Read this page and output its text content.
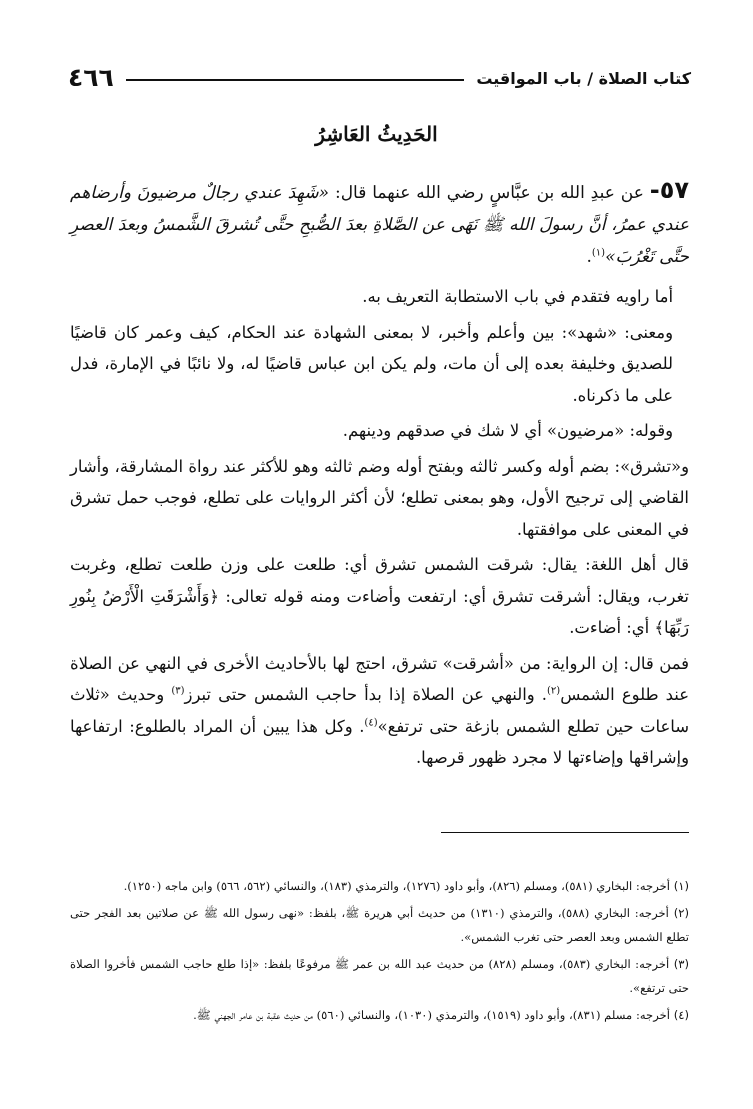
كتاب الصلاة / باب المواقيت
٤٦٦
الحَدِيثُ العَاشِرُ

٥٧- عن عبدِ الله بن عبَّاسٍ رضي الله عنهما قال: «شَهِدَ عندي رجالٌ مرضيونَ وأرضاهم عندي عمرُ، أنَّ رسولَ الله ﷺ نَهَى عن الصَّلاةِ بعدَ الصُّبحِ حتَّى تُشرقَ الشَّمسُ وبعدَ العصرِ حتَّى تَغْرُبَ»$^{(١)}$.

أما راويه فتقدم في باب الاستطابة التعريف به.

ومعنى: «شهد»: بين وأعلم وأخبر، لا بمعنى الشهادة عند الحكام، كيف وعمر كان قاضيًا للصديق وخليفة بعده إلى أن مات، ولم يكن ابن عباس قاضيًا له، ولا نائبًا في الإمارة، فدل على ما ذكرناه.

وقوله: «مرضيون» أي لا شك في صدقهم ودينهم.

و«تشرق»: بضم أوله وكسر ثالثه وبفتح أوله وضم ثالثه وهو للأكثر عند رواة المشارقة، وأشار القاضي إلى ترجيح الأول، وهو بمعنى تطلع؛ لأن أكثر الروايات على تطلع، فوجب حمل تشرق في المعنى على موافقتها.

قال أهل اللغة: يقال: شرقت الشمس تشرق أي: طلعت على وزن طلعت تطلع، وغربت تغرب، ويقال: أشرقت تشرق أي: ارتفعت وأضاءت ومنه قوله تعالى: ﴿وَأَشْرَقَتِ الْأَرْضُ بِنُورِ رَبِّهَا﴾ أي: أضاءت.

فمن قال: إن الرواية: من «أشرقت» تشرق، احتج لها بالأحاديث الأخرى في النهي عن الصلاة عند طلوع الشمس$^{(٢)}$. والنهي عن الصلاة إذا بدأ حاجب الشمس حتى تبرز$^{(٣)}$ وحديث «ثلاث ساعات حين تطلع الشمس بازغة حتى ترتفع»$^{(٤)}$. وكل هذا يبين أن المراد بالطلوع: ارتفاعها وإشراقها وإضاءتها لا مجرد ظهور قرصها.

(١) أخرجه: البخاري (٥٨١)، ومسلم (٨٢٦)، وأبو داود (١٢٧٦)، والترمذي (١٨٣)، والنسائي (٥٦٢، ٥٦٦) وابن ماجه (١٢٥٠).

(٢) أخرجه: البخاري (٥٨٨)، والترمذي (١٣١٠) من حديث أبي هريرة ﷺ، بلفظ: «نهى رسول الله ﷺ عن صلاتين بعد الفجر حتى تطلع الشمس وبعد العصر حتى تغرب الشمس».

(٣) أخرجه: البخاري (٥٨٣)، ومسلم (٨٢٨) من حديث عبد الله بن عمر ﷺ مرفوعًا بلفظ: «إذا طلع حاجب الشمس فأخروا الصلاة حتى ترتفع».

(٤) أخرجه: مسلم (٨٣١)، وأبو داود (١٥١٩)، والترمذي (١٠٣٠)، والنسائي (٥٦٠) من حديث عقبة بن عامر الجهني ﷺ.
